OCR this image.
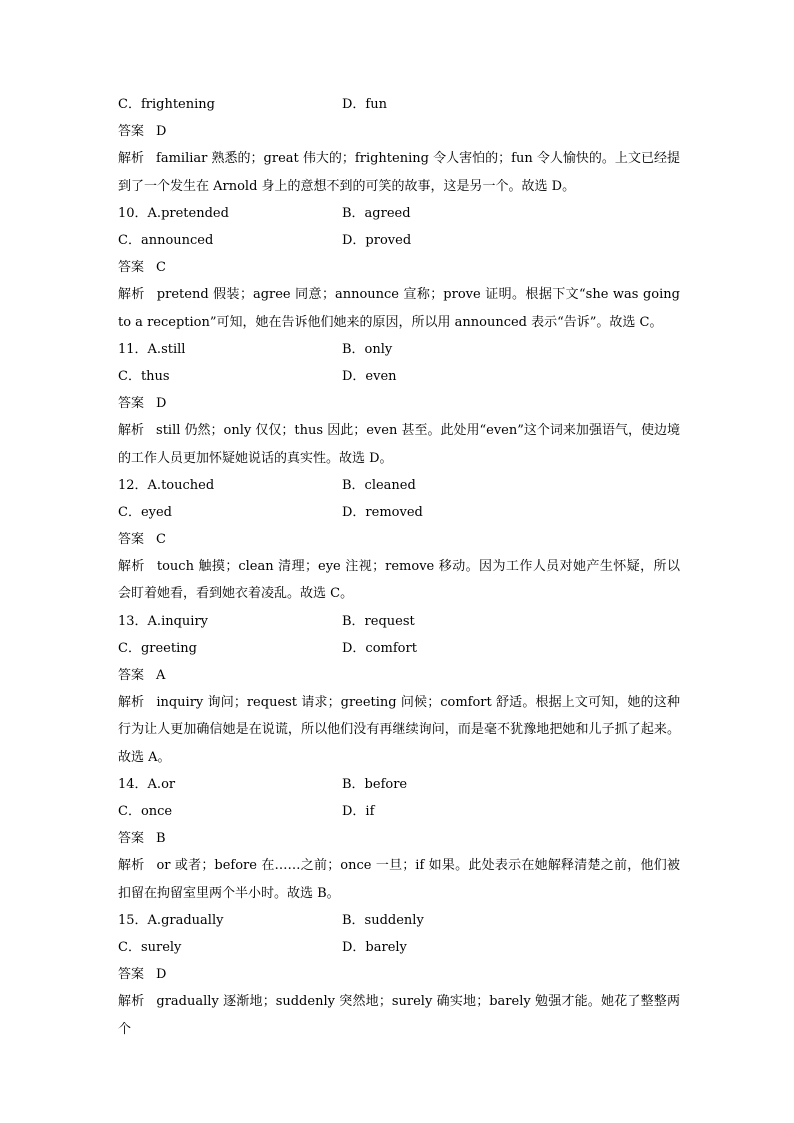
C．frightening	D．fun
答案 D
解析 familiar 熟悉的；great 伟大的；frightening 令人害怕的；fun 令人愉快的。上文已经提到了一个发生在 Arnold 身上的意想不到的可笑的故事，这是另一个。故选 D。
10．A.pretended	B．agreed
C．announced	D．proved
答案 C
解析 pretend 假装；agree 同意；announce 宣称；prove 证明。根据下文“she was going to a reception”可知，她在告诉他们她来的原因，所以用 announced 表示“告诉”。故选 C。
11．A.still	B．only
C．thus	D．even
答案 D
解析 still 仍然；only 仅仅；thus 因此；even 甚至。此处用“even”这个词来加强语气，使边境的工作人员更加怀疑她说话的真实性。故选 D。
12．A.touched	B．cleaned
C．eyed	D．removed
答案 C
解析 touch 触摸；clean 清理；eye 注视；remove 移动。因为工作人员对她产生怀疑，所以会盯着她看，看到她衣着凌乱。故选 C。
13．A.inquiry	B．request
C．greeting	D．comfort
答案 A
解析 inquiry 询问；request 请求；greeting 问候；comfort 舒适。根据上文可知，她的这种行为让人更加确信她是在说谎，所以他们没有再继续询问，而是毫不犹豫地把她和儿子抓了起来。故选 A。
14．A.or	B．before
C．once	D．if
答案 B
解析 or 或者；before 在……之前；once 一旦；if 如果。此处表示在她解释清楚之前，他们被扣留在拘留室里两个半小时。故选 B。
15．A.gradually	B．suddenly
C．surely	D．barely
答案 D
解析 gradually 逐渐地；suddenly 突然地；surely 确实地；barely 勉强才能。她花了整整两个
